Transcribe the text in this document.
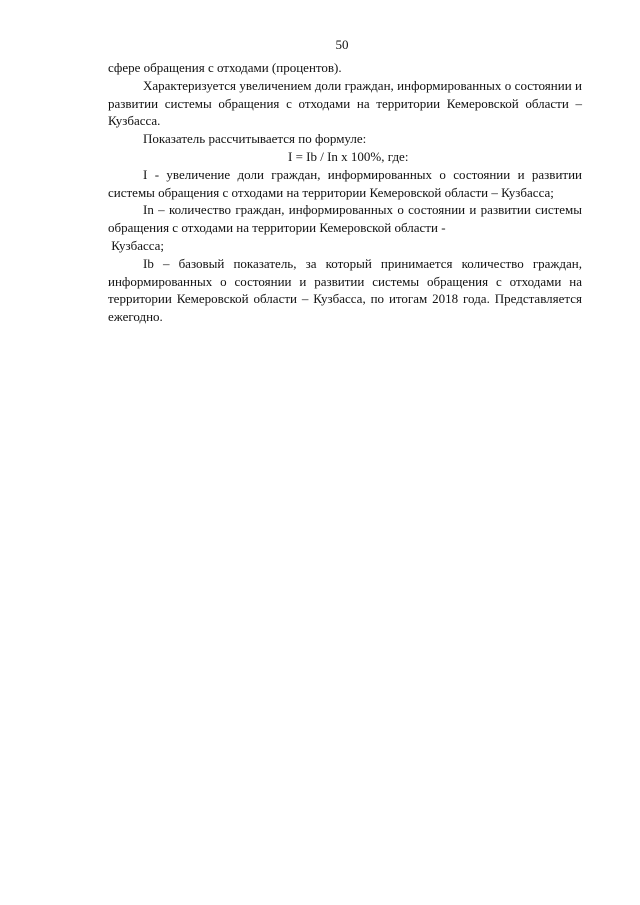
50

сфере обращения с отходами (процентов).

Характеризуется увеличением доли граждан, информированных о состоянии и развитии системы обращения с отходами на территории Кемеровской области – Кузбасса.

Показатель рассчитывается по формуле:

I = Ib / In x 100%, где:

I - увеличение доли граждан, информированных о состоянии и развитии системы обращения с отходами на территории Кемеровской области – Кузбасса;

In – количество граждан, информированных о состоянии и развитии системы обращения с отходами на территории Кемеровской области -

Кузбасса;

Ib – базовый показатель, за который принимается количество граждан, информированных о состоянии и развитии системы обращения с отходами на территории Кемеровской области – Кузбасса, по итогам 2018 года. Представляется ежегодно.
